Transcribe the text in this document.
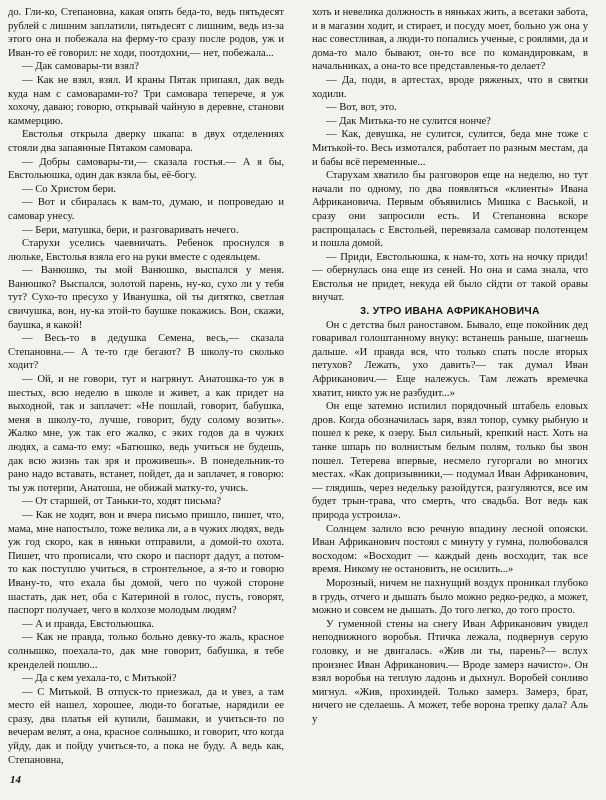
до. Гли-ко, Степановна, какая опять беда-то, ведь пятьдесят рублей с лишним заплатили, пятьдесят с лишним, ведь из-за этого она и побежала на ферму-то сразу после родов, уж и Иван-то её говорил: не ходи, поотдохни,— нет, побежала...

— Дак самовары-ти взял?

— Как не взял, взял. И краны Пятак припаял, дак ведь куда нам с самоварами-то? Три самовара теперече, я уж хохочу, даваю; говорю, открывай чайную в деревне, станови каммерцию.

Евстолья открыла дверку шкапа: в двух отделениях стояли два запаянные Пятаком самовара.

— Добры самовары-ти,— сказала гостья.— А я бы, Евстольюшка, один дак взяла бы, её-богу.

— Со Христом бери.

— Вот и сбиралась к вам-то, думаю, и попроведаю и самовар унесу.

— Бери, матушка, бери, и разговаривать нечего.

Старухи уселись чаевничать. Ребенок проснулся в люльке, Евстолья взяла его на руки вместе с одеяльцем.

— Ванюшко, ты мой Ванюшко, выспался у меня. Ванюшко? Выспался, золотой парень, ну-ко, сухо ли у тебя тут? Сухо-то пресухо у Иванушка, ой ты дитятко, светлая свичушка, вон, ну-ка этой-то баушке покажись. Вон, скажи, баушка, я какой!

— Весь-то в дедушка Семена, весь,— сказала Степановна.— А те-то где бегают? В школу-то сколько ходит?

— Ой, и не говори, тут и нагрянут. Анатошка-то уж в шестых, всю неделю в школе и живет, а как придет на выходной, так и заплачет: «Не пошлай, говорит, бабушка, меня в школу-то, лучше, говорит, буду солому возить». Жалко мне, уж так его жалко, с эких годов да в чужих людях, а сама-то ему: «Батюшко, ведь учиться не будешь, дак всю жизнь так зря и проживешь». В понедельник-то рано надо вставать, встанет, пойдет, да и заплачет, я говорю: ты уж потерпи, Анатоша, не обижай матку-то, учись.

— От старшей, от Таньки-то, ходят письма?

— Как не ходят, вон и вчера письмо пришло, пишет, что, мама, мне напостыло, тоже велика ли, а в чужих людях, ведь уж год скоро, как в няньки отправили, а домой-то охота. Пишет, что прописали, что скоро и паспорт дадут, а потом-то как поступлю учиться, в стронтельное, а я-то и говорю Ивану-то, что ехала бы домой, чего по чужой стороне шастать, дак нет, оба с Катериной в голос, пусть, говорят, паспорт получает, чего в колхозе молодым людям?

— А и правда, Евстольюшка.

— Как не правда, только больно девку-то жаль, красное солнышко, поехала-то, дак мне говорит, бабушка, я тебе кренделей пошлю...

— Да с кем уехала-то, с Митькой?

— С Митькой. В отпуск-то приезжал, да и увез, а там место ей нашел, хорошее, люди-то богатые, нарядили ее сразу, два платья ей купили, башмаки, и учиться-то по вечерам велят, а она, красное солнышко, и говорит, что когда уйду, дак и пойду учиться-то, а пока не буду. А ведь как, Степановна,

хоть и невелика должность в няньках жить, а всетаки забота, и в магазин ходит, и стирает, и посуду моет, больно уж она у нас совестливая, а люди-то попались ученые, с роялями, да и дома-то мало бывают, он-то все по командировкам, в начальниках, а она-то все представленья-то делает?

— Да, поди, в артестах, вроде ряженых, что в святки ходили.

— Вот, вот, это.

— Дак Митька-то не сулится нонче?

— Как, девушка, не сулится, сулится, беда мне тоже с Митькой-то. Весь измотался, работает по разным местам, да и бабы всё переменные...

Старухам хватило бы разговоров еще на неделю, но тут начали по одному, по два появляться «клиенты» Ивана Африкановича. Первым объявились Мишка с Васькой, и сразу они запросили есть. И Степановна вскоре распрощалась с Евстольей, перевязала самовар полотенцем и пошла домой.

— Приди, Евстольюшка, к нам-то, хоть на ночку приди!— обернулась она еще из сеней. Но она и сама знала, что Евстолья не придет, некуда ей было сйдти от такой оравы внучат.

3. УТРО ИВАНА АФРИКАНОВИЧА

Он с детства был раноставом. Бывало, еще покойник дед говаривал голоштанному внуку: встанешь раньше, шагнешь дальше. «И правда вся, что только спать после вторых петухов? Лежать, ухо давить?— так думал Иван Африканович.— Еще належусь. Там лежать времечка хватит, никто уж не разбудит...»

Он еще затемно испилил порядочный штабель еловых дров. Когда обозначилась заря, взял топор, сумку рыбную и пошел к реке, к озеру. Был сильный, крепкий наст. Хоть на танке шпарь по волнистым белым полям, только бы звон пошел. Тетерева впервые, несмело гугоргали во многих местах. «Как допризывники,— подумал Иван Африканович,— глядишь, через недельку разойдутся, разгуляются, все им будет трын-трава, что смерть, что свадьба. Вот ведь как природа устроила».

Солнцем залило всю речную впадину лесной опояски. Иван Африканович постоял с минуту у гумна, полюбовался восходом: «Восходит — каждый день восходит, так все время. Никому не остановить, не осилить...»

Морозный, ничем не пахнущий воздух проникал глубоко в грудь, отчего и дышать было можно редко-редко, а может, можно и совсем не дышать. До того легко, до того просто.

У гуменной стены на снегу Иван Африканович увидел неподвижного воробья. Птичка лежала, подвернув серую головку, и не двигалась. «Жив ли ты, парень?— вслух произнес Иван Африканович.— Вроде замерз начисто». Он взял воробья на теплую ладонь и дыхнул. Воробей сонливо мигнул. «Жив, прохиндей. Только замерз. Замерз, брат, ничего не сделаешь. А может, тебе ворона трепку дала? Аль у

14
